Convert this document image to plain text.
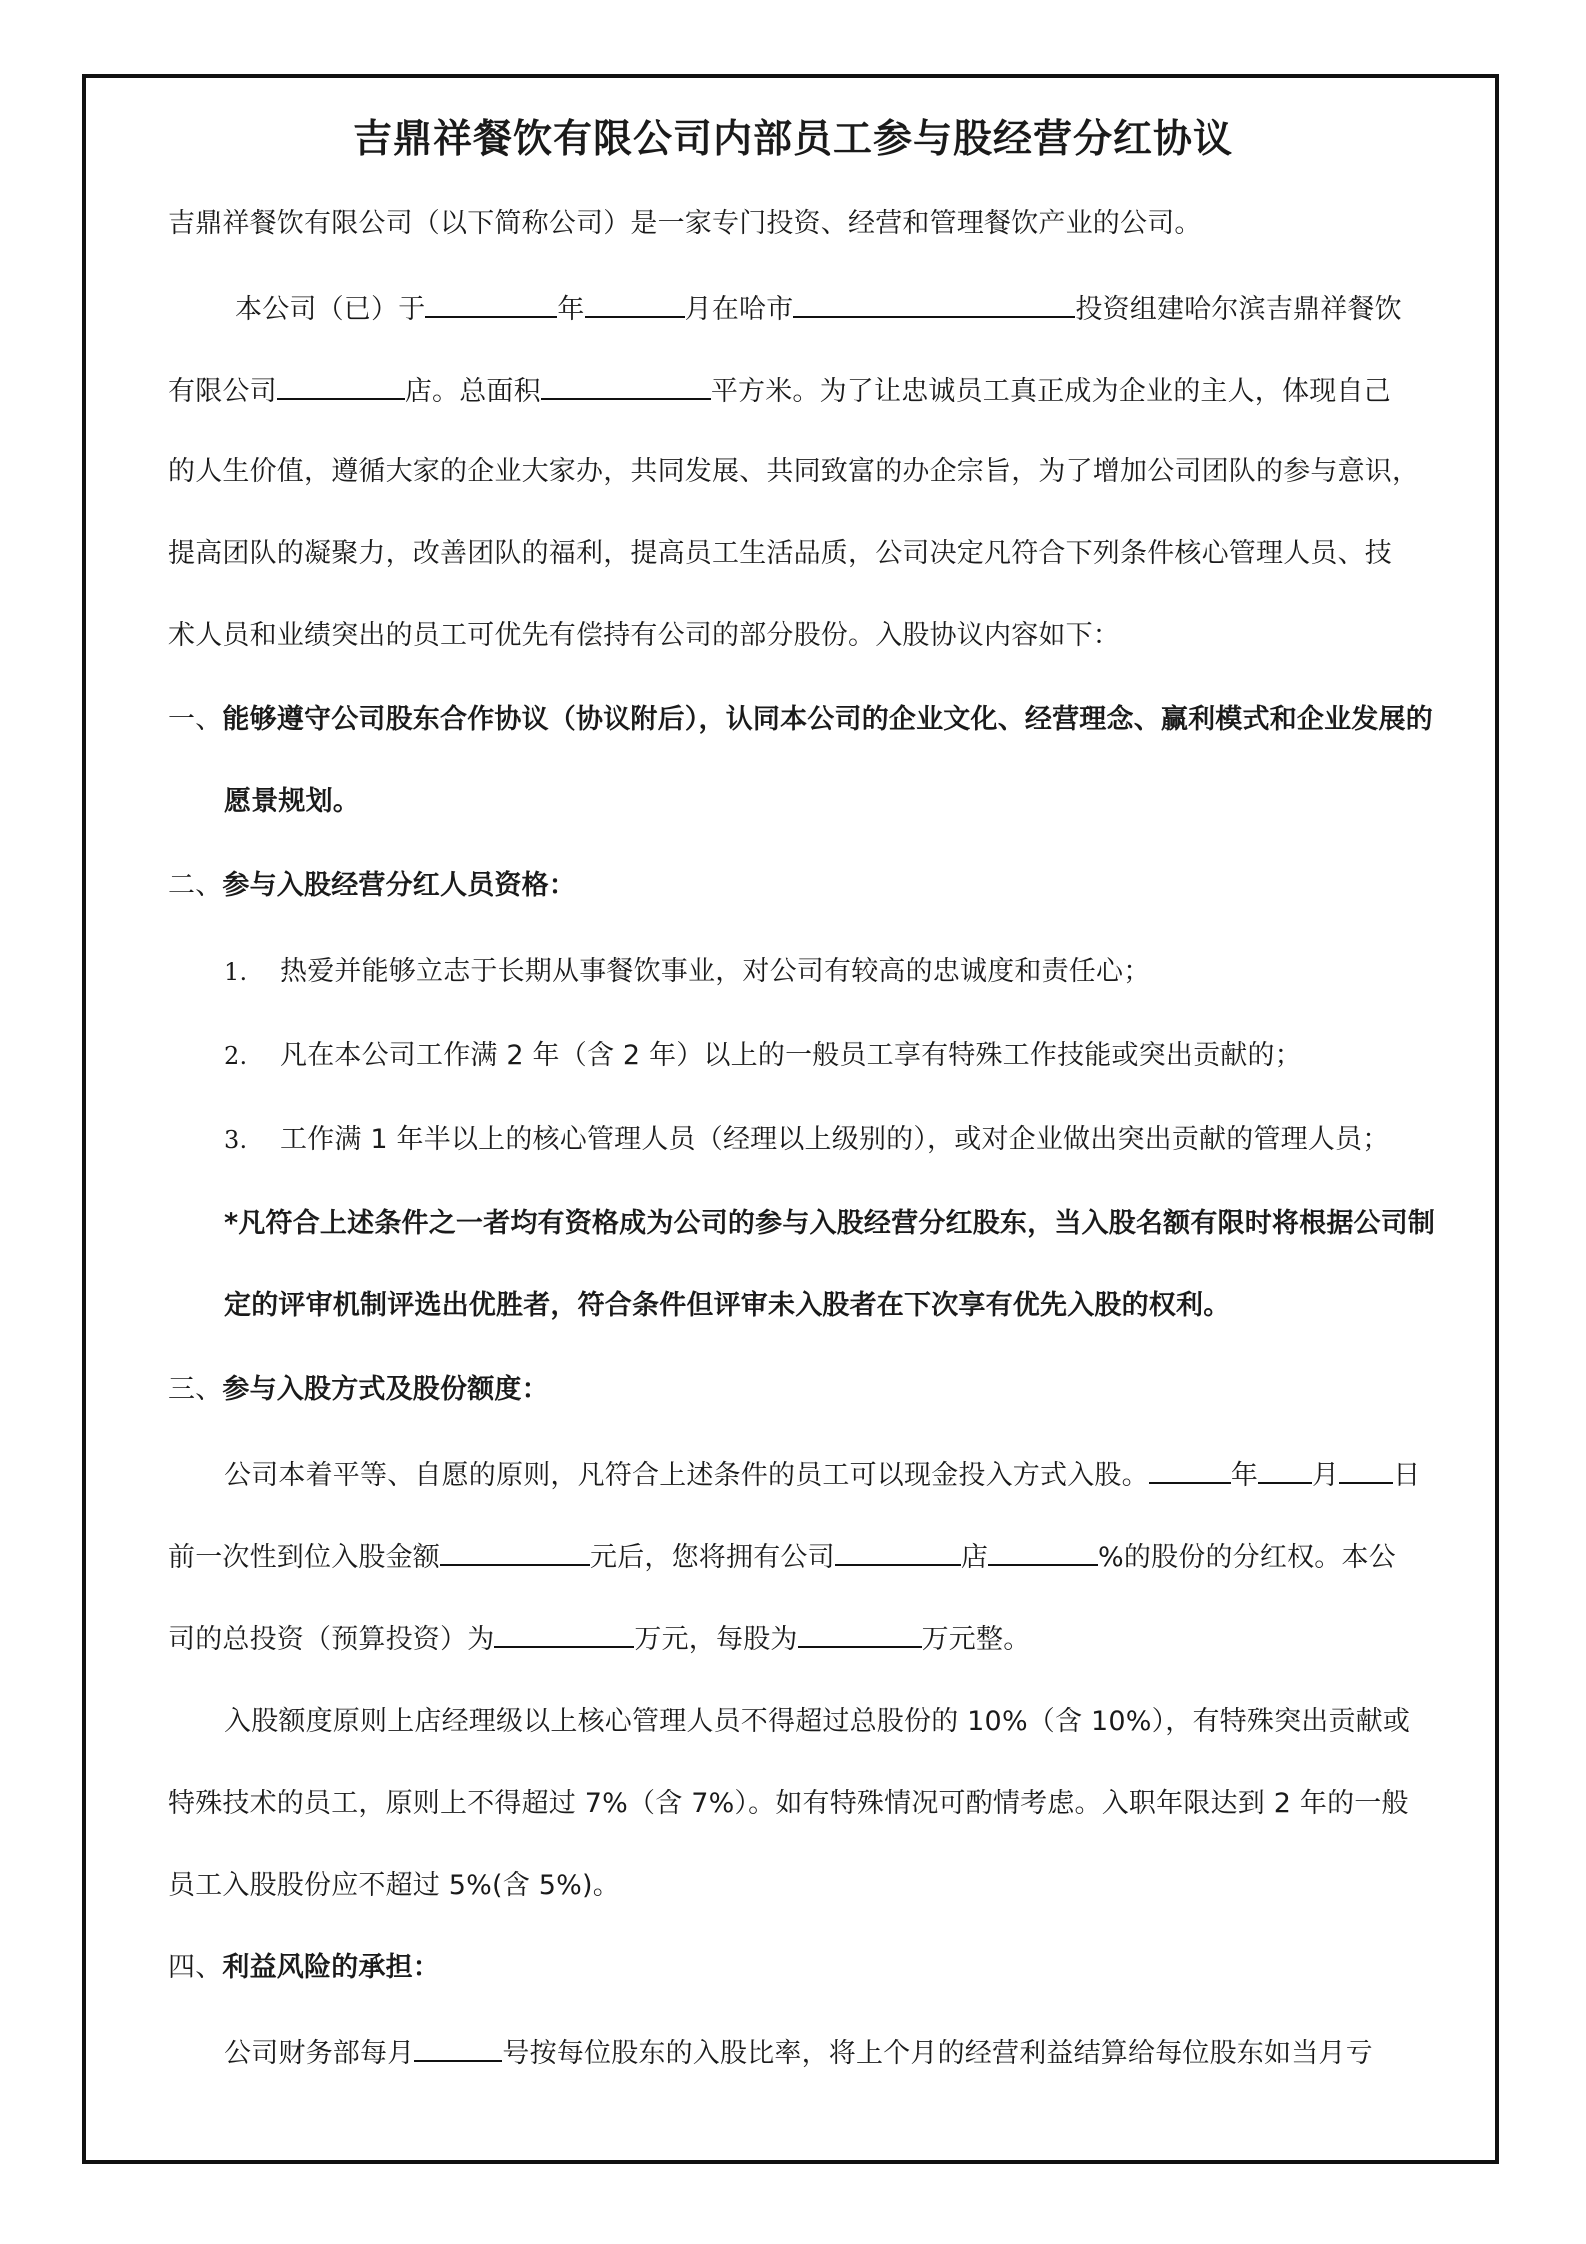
吉鼎祥餐饮有限公司内部员工参与股经营分红协议
吉鼎祥餐饮有限公司（以下简称公司）是一家专门投资、经营和管理餐饮产业的公司。
本公司（已）于	年	月在哈市	投资组建哈尔滨吉鼎祥餐饮
有限公司	店。总面积	平方米。为了让忠诚员工真正成为企业的主人，体现自己
的人生价值，遵循大家的企业大家办，共同发展、共同致富的办企宗旨，为了增加公司团队的参与意识，
提高团队的凝聚力，改善团队的福利，提高员工生活品质，公司决定凡符合下列条件核心管理人员、技
术人员和业绩突出的员工可优先有偿持有公司的部分股份。入股协议内容如下：
一、能够遵守公司股东合作协议（协议附后），认同本公司的企业文化、经营理念、赢利模式和企业发展的
愿景规划。
二、参与入股经营分红人员资格：
1. 热爱并能够立志于长期从事餐饮事业，对公司有较高的忠诚度和责任心；
2. 凡在本公司工作满 2 年（含 2 年）以上的一般员工享有特殊工作技能或突出贡献的；
3. 工作满 1 年半以上的核心管理人员（经理以上级别的），或对企业做出突出贡献的管理人员；
*凡符合上述条件之一者均有资格成为公司的参与入股经营分红股东，当入股名额有限时将根据公司制
定的评审机制评选出优胜者，符合条件但评审未入股者在下次享有优先入股的权利。
三、参与入股方式及股份额度：
公司本着平等、自愿的原则，凡符合上述条件的员工可以现金投入方式入股。	年 月 日
前一次性到位入股金额	元后，您将拥有公司	店	%的股份的分红权。本公
司的总投资（预算投资）为	万元，每股为	万元整。
入股额度原则上店经理级以上核心管理人员不得超过总股份的 10%（含 10%），有特殊突出贡献或
特殊技术的员工，原则上不得超过 7%（含 7%）。如有特殊情况可酌情考虑。入职年限达到 2 年的一般
员工入股股份应不超过 5%(含 5%)。
四、利益风险的承担：
公司财务部每月	号按每位股东的入股比率，将上个月的经营利益结算给每位股东如当月亏
